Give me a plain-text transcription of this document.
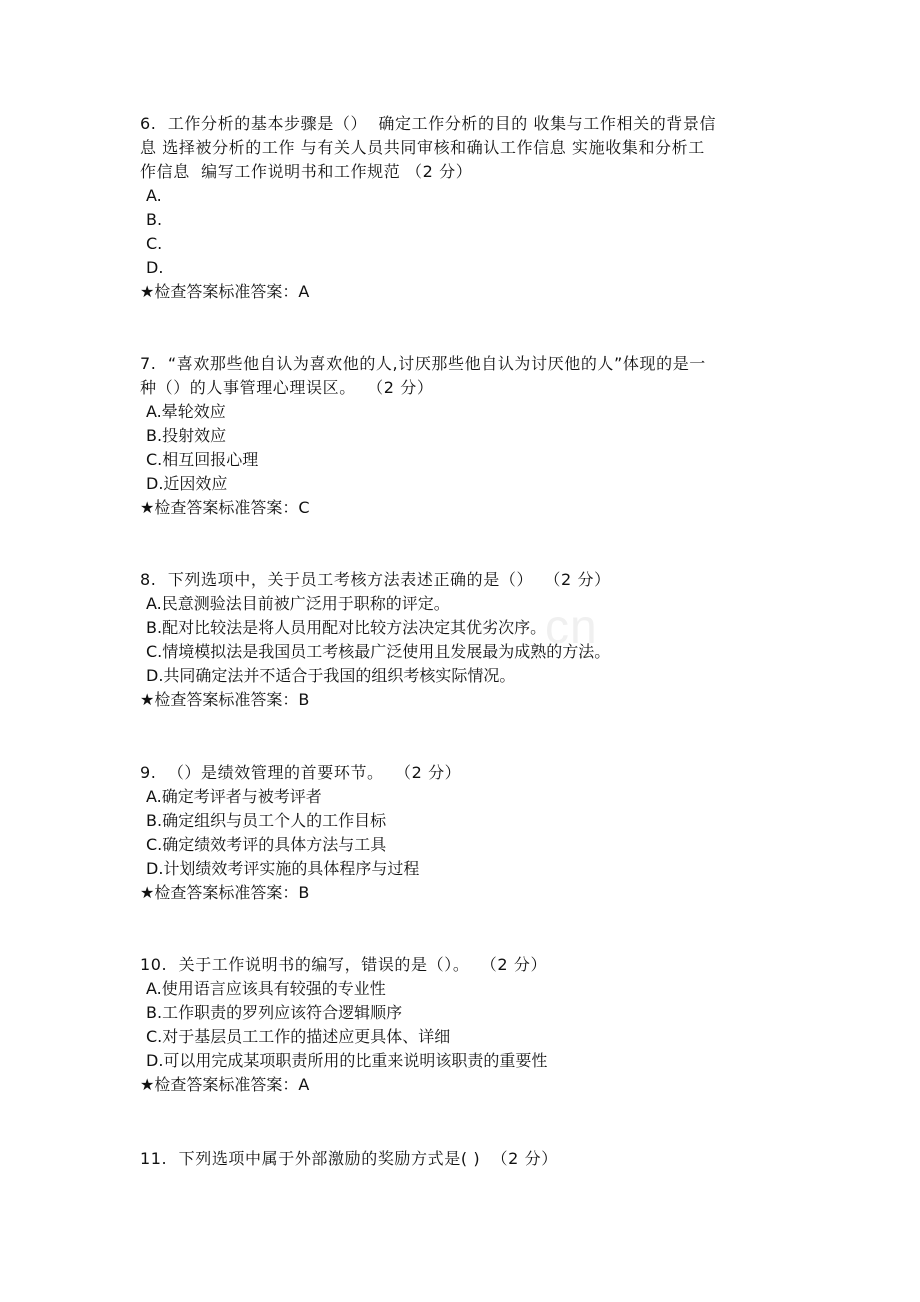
cn
6.  工作分析的基本步骤是（）  确定工作分析的目的 收集与工作相关的背景信
息 选择被分析的工作 与有关人员共同审核和确认工作信息 实施收集和分析工
作信息  编写工作说明书和工作规范 （2 分）
A.
B.
C.
D.
★检查答案标准答案：A
7.  “喜欢那些他自认为喜欢他的人,讨厌那些他自认为讨厌他的人”体现的是一
种（）的人事管理心理误区。  （2 分）
A.晕轮效应
B.投射效应
C.相互回报心理
D.近因效应
★检查答案标准答案：C
8.  下列选项中，关于员工考核方法表述正确的是（）  （2 分）
A.民意测验法目前被广泛用于职称的评定。
B.配对比较法是将人员用配对比较方法决定其优劣次序。
C.情境模拟法是我国员工考核最广泛使用且发展最为成熟的方法。
D.共同确定法并不适合于我国的组织考核实际情况。
★检查答案标准答案：B
9.  （）是绩效管理的首要环节。  （2 分）
A.确定考评者与被考评者
B.确定组织与员工个人的工作目标
C.确定绩效考评的具体方法与工具
D.计划绩效考评实施的具体程序与过程
★检查答案标准答案：B
10.  关于工作说明书的编写，错误的是（）。  （2 分）
A.使用语言应该具有较强的专业性
B.工作职责的罗列应该符合逻辑顺序
C.对于基层员工工作的描述应更具体、详细
D.可以用完成某项职责所用的比重来说明该职责的重要性
★检查答案标准答案：A
11.  下列选项中属于外部激励的奖励方式是( )  （2 分）
